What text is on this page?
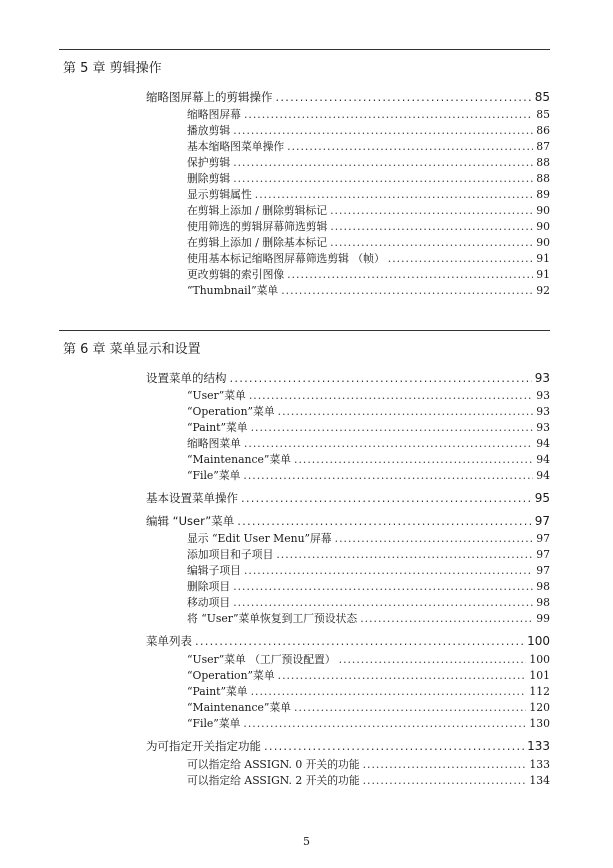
第 5 章 剪辑操作
缩略图屏幕上的剪辑操作 .....	85
缩略图屏幕 .....	85
播放剪辑 .....	86
基本缩略图菜单操作 .....	87
保护剪辑 .....	88
删除剪辑 .....	88
显示剪辑属性 .....	89
在剪辑上添加 / 删除剪辑标记 .....	90
使用筛选的剪辑屏幕筛选剪辑 .....	90
在剪辑上添加 / 删除基本标记 .....	90
使用基本标记缩略图屏幕筛选剪辑 （帧） .....	91
更改剪辑的索引图像 .....	91
“Thumbnail”菜单 .....	92
第 6 章 菜单显示和设置
设置菜单的结构 .....	93
“User”菜单 .....	93
“Operation”菜单 .....	93
“Paint”菜单 .....	93
缩略图菜单 .....	94
“Maintenance”菜单 .....	94
“File”菜单 .....	94
基本设置菜单操作 .....	95
编辑 “User”菜单 .....	97
显示 “Edit User Menu”屏幕 .....	97
添加项目和子项目 .....	97
编辑子项目 .....	97
删除项目 .....	98
移动项目 .....	98
将 “User”菜单恢复到工厂预设状态 .....	99
菜单列表 .....	100
“User”菜单 （工厂预设配置） .....	100
“Operation”菜单 .....	101
“Paint”菜单 .....	112
“Maintenance”菜单 .....	120
“File”菜单 .....	130
为可指定开关指定功能 .....	133
可以指定给 ASSIGN. 0 开关的功能 .....	133
可以指定给 ASSIGN. 2 开关的功能 .....	134
5
